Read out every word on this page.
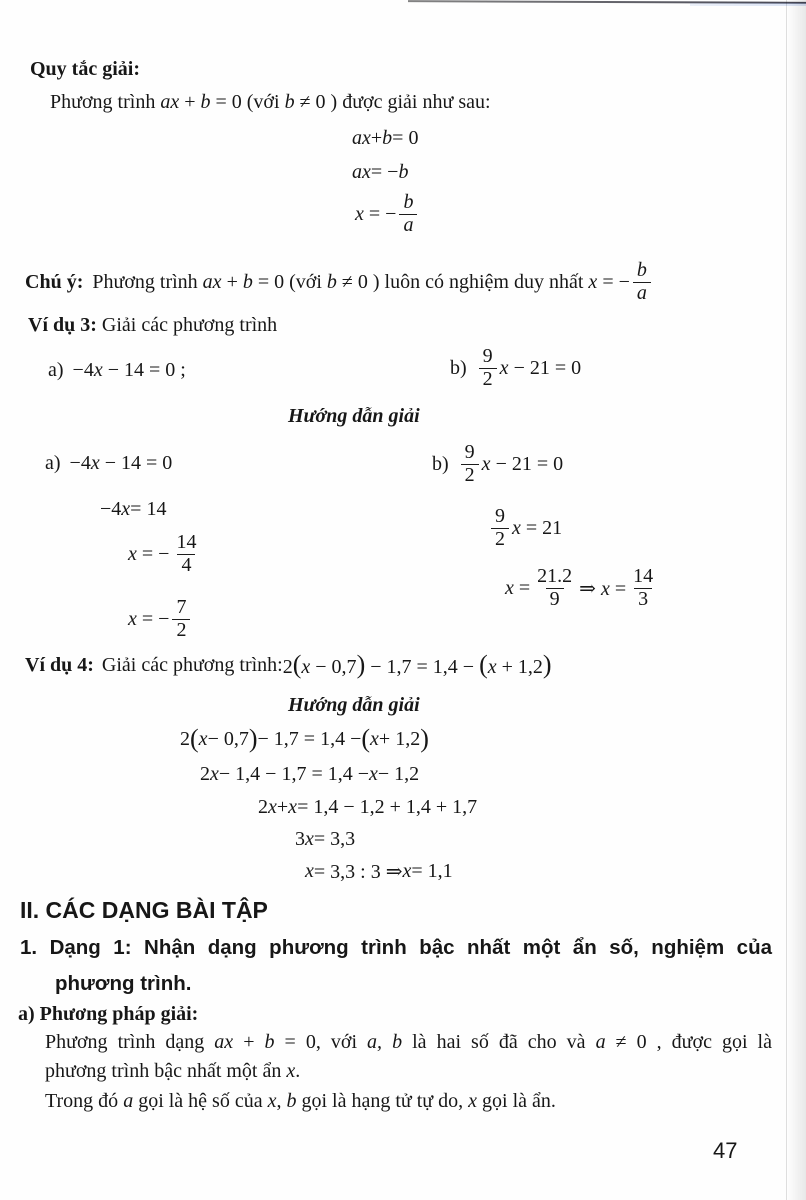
Quy tắc giải:
Phương trình ax + b = 0 (với b ≠ 0 ) được giải như sau:
ax + b = 0
ax = − b
x = − $\frac{b}{a}$
Chú ý: Phương trình ax + b = 0 (với b ≠ 0 ) luôn có nghiệm duy nhất x = − $\frac{b}{a}$
Ví dụ 3: Giải các phương trình
a) −4x − 14 = 0 ;	$b) \frac{9}{2}$ x − 21 = 0
Hướng dẫn giải
a) −4x − 14 = 0
−4 x = 14
x = − $\frac{14}{4}$
x = − $\frac{7}{2}$
$b) \frac{9}{2}$ x − 21 = 0
$\frac{9}{2}$ x = 21
$x = \frac{21.2}{9}$ ⇒ $x = \frac{14}{3}$
Ví dụ 4: Giải các phương trình: 2(x − 0,7) − 1,7 = 1,4 − (x + 1,2)
Hướng dẫn giải
2 ( x − 0,7 ) − 1,7 = 1,4 − ( x + 1,2 )
2 x − 1,4 − 1,7 = 1,4 − x − 1,2
2 x + x = 1,4 − 1,2 + 1,4 + 1,7
3 x = 3,3
x = 3,3 : 3 ⇒ x = 1,1
II. CÁC DẠNG BÀI TẬP
1. Dạng 1: Nhận dạng phương trình bậc nhất một ẩn số, nghiệm của
phương trình.
a) Phương pháp giải:
Phương trình dạng ax + b = 0, với a, b là hai số đã cho và a ≠ 0 , được gọi là
phương trình bậc nhất một ẩn x.
Trong đó a gọi là hệ số của x, b gọi là hạng tử tự do, x gọi là ẩn.
47
